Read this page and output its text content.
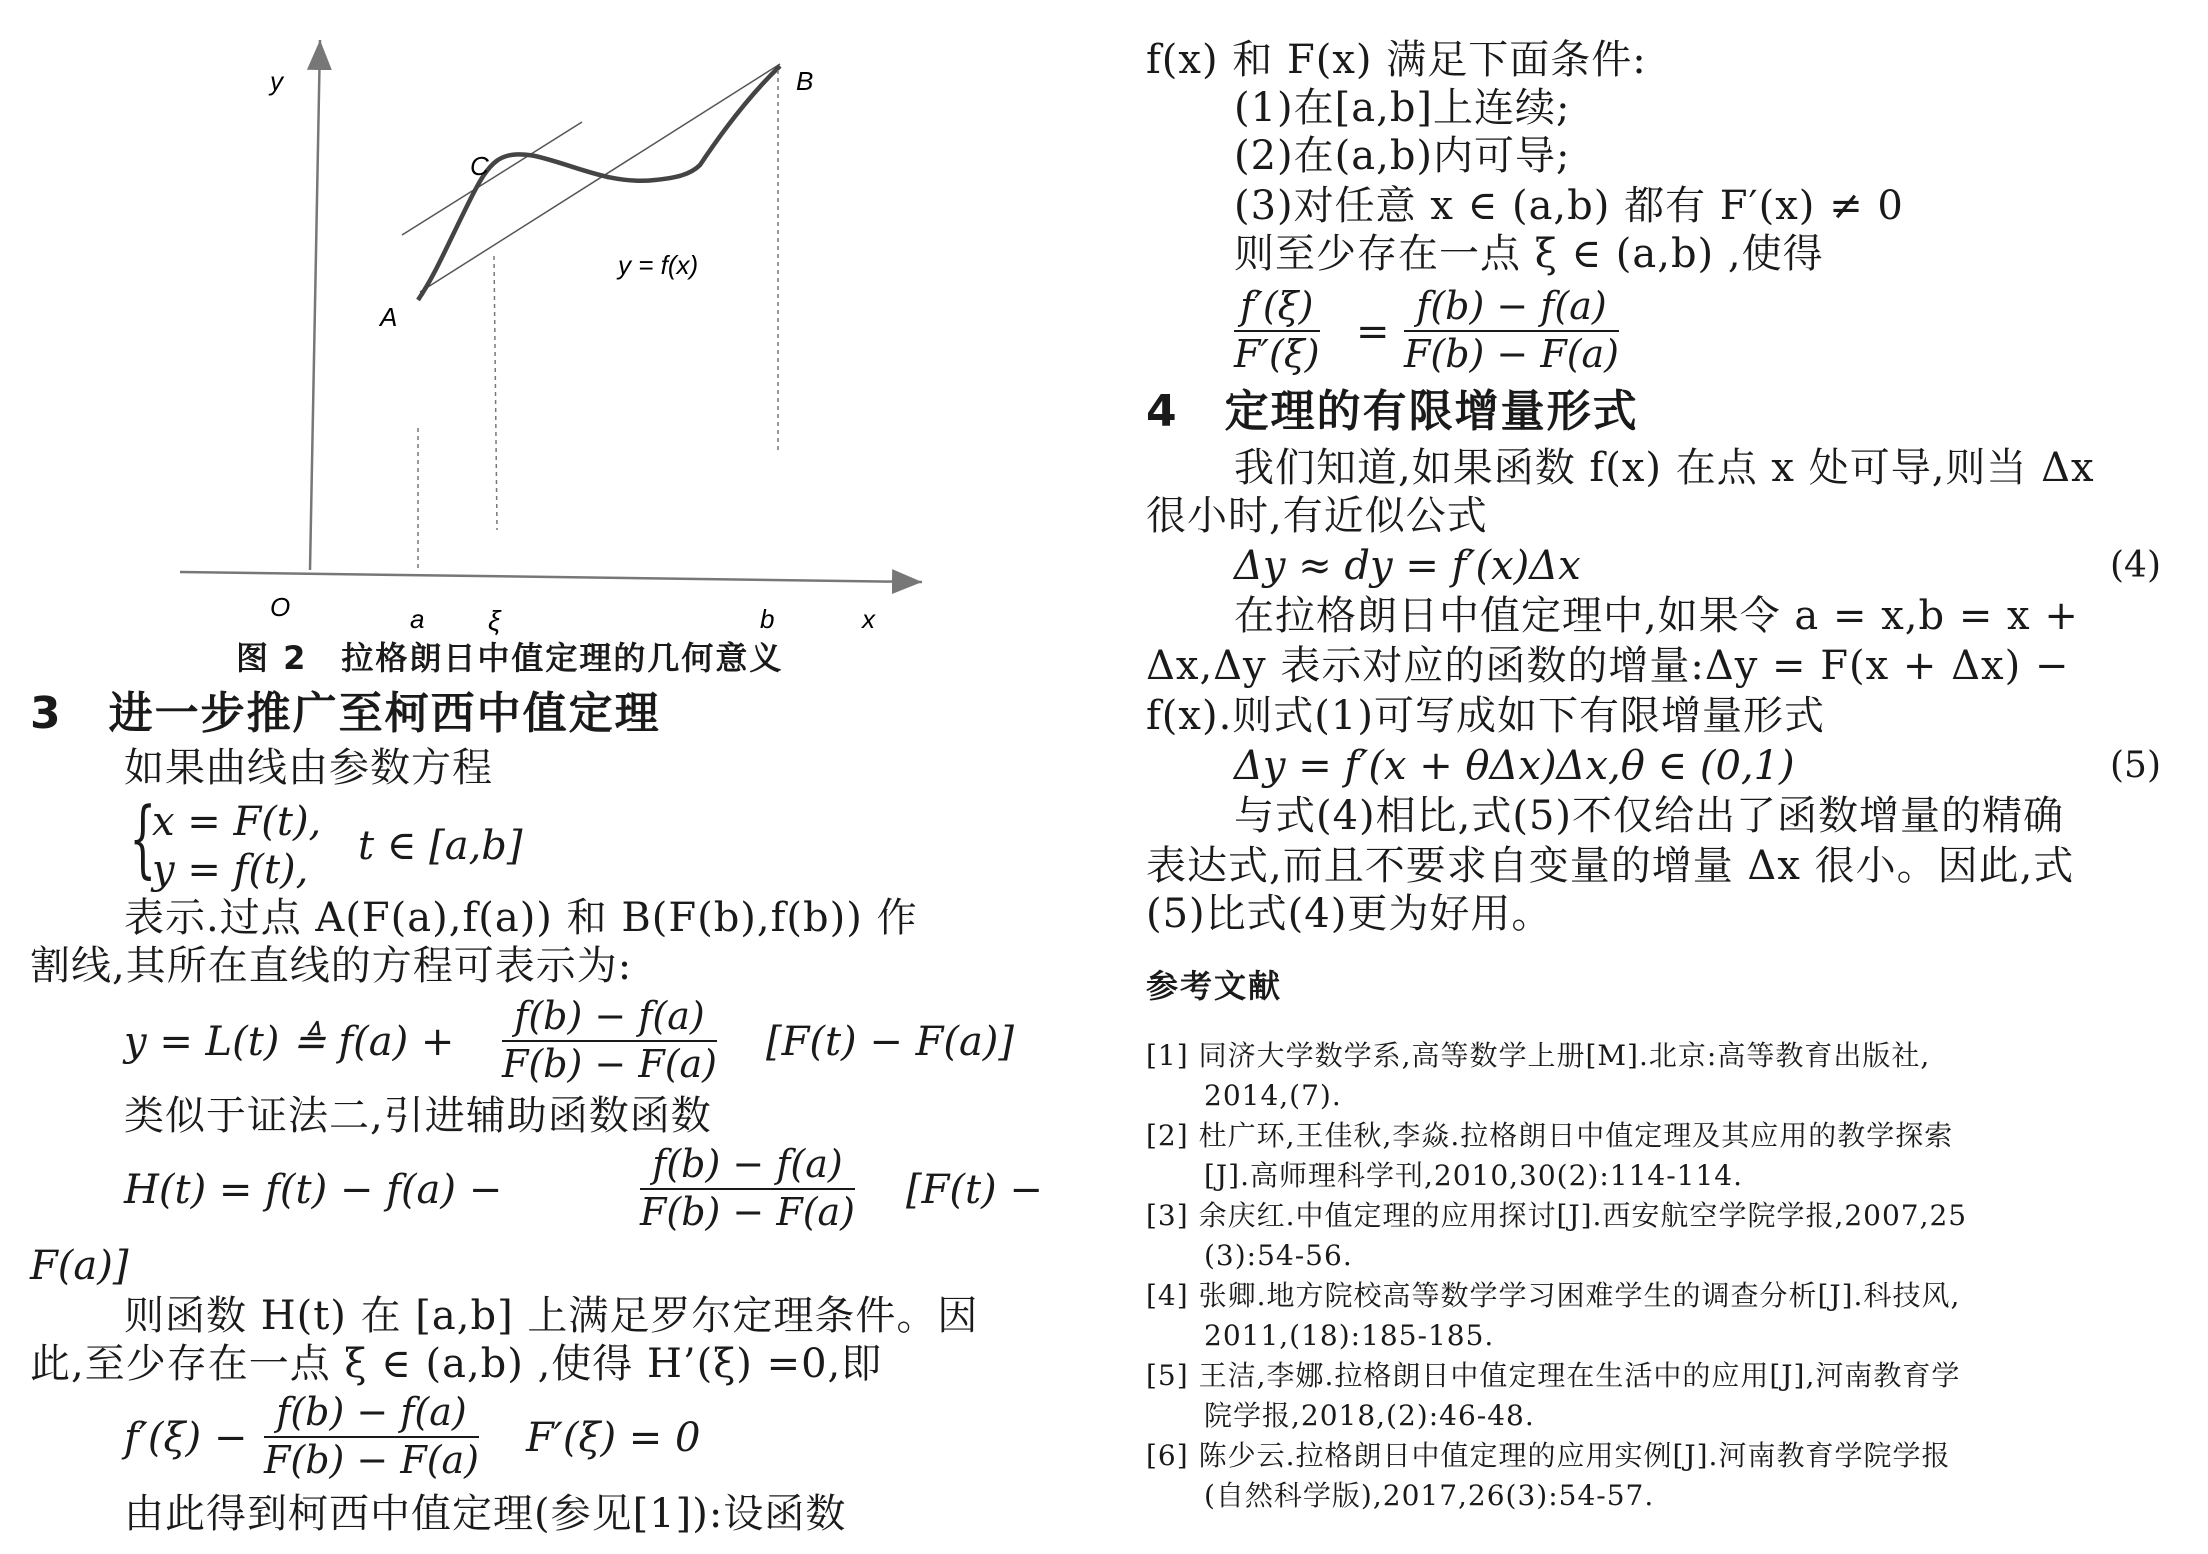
y
C
B
A
y = f(x)
O	a ξ	b	x
图 2　拉格朗日中值定理的几何意义
3　进一步推广至柯西中值定理
如果曲线由参数方程
{
x = F(t),
y = f(t),
t ∈ [a,b]
表示.过点 A(F(a),f(a)) 和 B(F(b),f(b)) 作
割线,其所在直线的方程可表示为:
y = L(t) ≜ f(a) +
f(b) − f(a)
F(b) − F(a) [F(t) − F(a)]
类似于证法二,引进辅助函数函数
H(t) = f(t) − f(a) −
f(b) − f(a)
F(b) − F(a) [F(t) −
F(a)]
则函数 H(t) 在 [a,b] 上满足罗尔定理条件。因
此,至少存在一点 ξ ∈ (a,b) ,使得 H’(ξ) =0,即
f′(ξ) −
f(b) − f(a)
F(b) − F(a) F′(ξ) = 0
由此得到柯西中值定理(参见[1]):设函数
f(x) 和 F(x) 满足下面条件:
(1)在[a,b]上连续;
(2)在(a,b)内可导;
(3)对任意 x ∈ (a,b) 都有 F′(x) ≠ 0
则至少存在一点 ξ ∈ (a,b) ,使得
f′(ξ)
F′(ξ) =
f(b) − f(a)
F(b) − F(a)
4　定理的有限增量形式
我们知道,如果函数 f(x) 在点 x 处可导,则当 Δx
很小时,有近似公式
Δy ≈ dy = f′(x)Δx	(4)
在拉格朗日中值定理中,如果令 a = x,b = x +
Δx,Δy 表示对应的函数的增量:Δy = F(x + Δx) −
f(x).则式(1)可写成如下有限增量形式
Δy = f′(x + θΔx)Δx,θ ∈ (0,1)	(5)
与式(4)相比,式(5)不仅给出了函数增量的精确
表达式,而且不要求自变量的增量 Δx 很小。因此,式
(5)比式(4)更为好用。
参考文献
[1] 同济大学数学系,高等数学上册[M].北京:高等教育出版社,
2014,(7).
[2] 杜广环,王佳秋,李焱.拉格朗日中值定理及其应用的教学探索
[J].高师理科学刊,2010,30(2):114-114.
[3] 余庆红.中值定理的应用探讨[J].西安航空学院学报,2007,25
(3):54-56.
[4] 张卿.地方院校高等数学学习困难学生的调查分析[J].科技风,
2011,(18):185-185.
[5] 王洁,李娜.拉格朗日中值定理在生活中的应用[J],河南教育学
院学报,2018,(2):46-48.
[6] 陈少云.拉格朗日中值定理的应用实例[J].河南教育学院学报
(自然科学版),2017,26(3):54-57.
